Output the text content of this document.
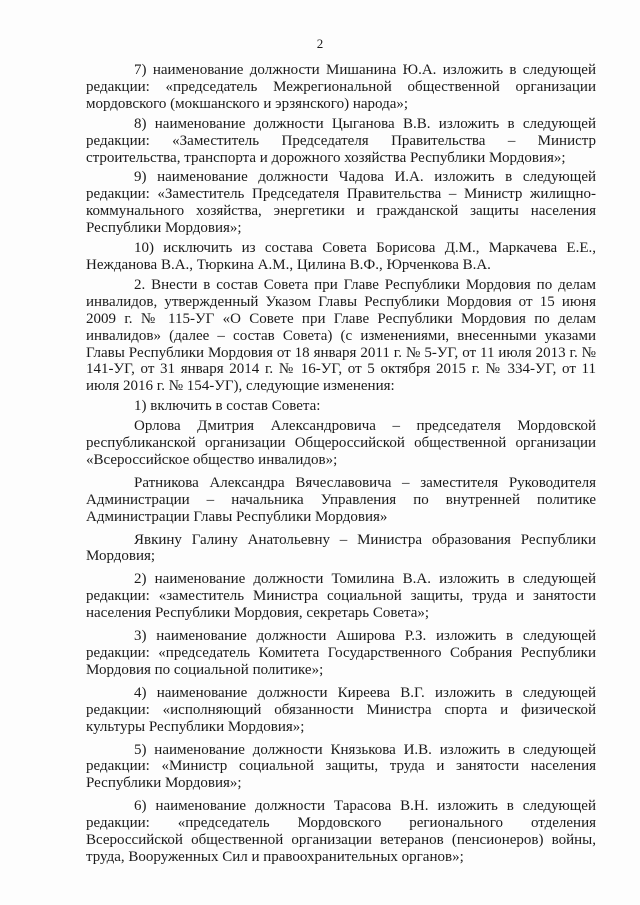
2

7) наименование должности Мишанина Ю.А. изложить в следующей редакции: «председатель Межрегиональной общественной организации мордовского (мокшанского и эрзянского) народа»;

8) наименование должности Цыганова В.В. изложить в следующей редакции: «Заместитель Председателя Правительства – Министр строительства, транспорта и дорожного хозяйства Республики Мордовия»;

9) наименование должности Чадова И.А. изложить в следующей редакции: «Заместитель Председателя Правительства – Министр жилищно-коммунального хозяйства, энергетики и гражданской защиты населения Республики Мордовия»;

10) исключить из состава Совета Борисова Д.М., Маркачева Е.Е., Нежданова В.А., Тюркина А.М., Цилина В.Ф., Юрченкова В.А.

2. Внести в состав Совета при Главе Республики Мордовия по делам инвалидов, утвержденный Указом Главы Республики Мордовия от 15 июня 2009 г. № 115-УГ «О Совете при Главе Республики Мордовия по делам инвалидов» (далее – состав Совета) (с изменениями, внесенными указами Главы Республики Мордовия от 18 января 2011 г. № 5-УГ, от 11 июля 2013 г. № 141-УГ, от 31 января 2014 г. № 16-УГ, от 5 октября 2015 г. № 334-УГ, от 11 июля 2016 г. № 154-УГ), следующие изменения:

1) включить в состав Совета:

Орлова Дмитрия Александровича – председателя Мордовской республиканской организации Общероссийской общественной организации «Всероссийское общество инвалидов»;

Ратникова Александра Вячеславовича – заместителя Руководителя Администрации – начальника Управления по внутренней политике Администрации Главы Республики Мордовия»

Явкину Галину Анатольевну – Министра образования Республики Мордовия;

2) наименование должности Томилина В.А. изложить в следующей редакции: «заместитель Министра социальной защиты, труда и занятости населения Республики Мордовия, секретарь Совета»;

3) наименование должности Аширова Р.З. изложить в следующей редакции: «председатель Комитета Государственного Собрания Республики Мордовия по социальной политике»;

4) наименование должности Киреева В.Г. изложить в следующей редакции: «исполняющий обязанности Министра спорта и физической культуры Республики Мордовия»;

5) наименование должности Князькова И.В. изложить в следующей редакции: «Министр социальной защиты, труда и занятости населения Республики Мордовия»;

6) наименование должности Тарасова В.Н. изложить в следующей редакции: «председатель Мордовского регионального отделения Всероссийской общественной организации ветеранов (пенсионеров) войны, труда, Вооруженных Сил и правоохранительных органов»;
